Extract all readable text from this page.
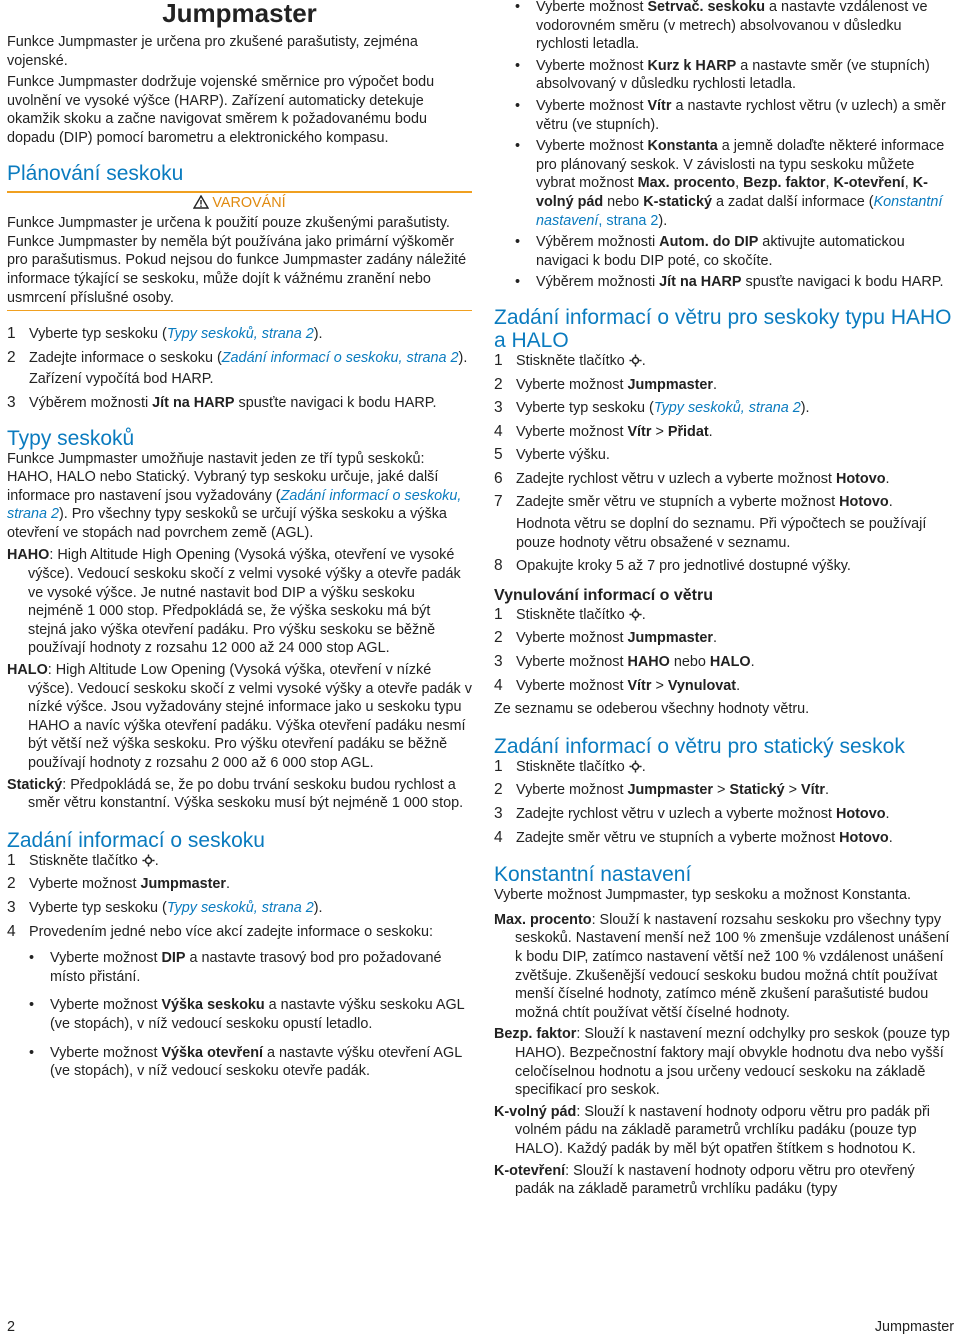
Jumpmaster

Funkce Jumpmaster je určena pro zkušené parašutisty, zejména vojenské.

Funkce Jumpmaster dodržuje vojenské směrnice pro výpočet bodu uvolnění ve vysoké výšce (HARP). Zařízení automaticky detekuje okamžik skoku a začne navigovat směrem k požadovanému bodu dopadu (DIP) pomocí barometru a elektronického kompasu.

Plánování seskoku
VAROVÁNÍ
Funkce Jumpmaster je určena k použití pouze zkušenými parašutisty. Funkce Jumpmaster by neměla být používána jako primární výškoměr pro parašutismus. Pokud nejsou do funkce Jumpmaster zadány náležité informace týkající se seskoku, může dojít k vážnému zranění nebo usmrcení příslušné osoby.
1 Vyberte typ seskoku (Typy seskoků, strana 2).
2 Zadejte informace o seskoku (Zadání informací o seskoku, strana 2).
Zařízení vypočítá bod HARP.
3 Výběrem možnosti Jít na HARP spusťte navigaci k bodu HARP.
Typy seskoků

Funkce Jumpmaster umožňuje nastavit jeden ze tří typů seskoků: HAHO, HALO nebo Statický. Vybraný typ seskoku určuje, jaké další informace pro nastavení jsou vyžadovány (Zadání informací o seskoku, strana 2). Pro všechny typy seskoků se určují výška seskoku a výška otevření ve stopách nad povrchem země (AGL).

HAHO: High Altitude High Opening (Vysoká výška, otevření ve vysoké výšce). Vedoucí seskoku skočí z velmi vysoké výšky a otevře padák ve vysoké výšce. Je nutné nastavit bod DIP a výšku seskoku nejméně 1 000 stop. Předpokládá se, že výška seskoku má být stejná jako výška otevření padáku. Pro výšku seskoku se běžně používají hodnoty z rozsahu 12 000 až 24 000 stop AGL.

HALO: High Altitude Low Opening (Vysoká výška, otevření v nízké výšce). Vedoucí seskoku skočí z velmi vysoké výšky a otevře padák v nízké výšce. Jsou vyžadovány stejné informace jako u seskoku typu HAHO a navíc výška otevření padáku. Výška otevření padáku nesmí být větší než výška seskoku. Pro výšku otevření padáku se běžně používají hodnoty z rozsahu 2 000 až 6 000 stop AGL.

Statický: Předpokládá se, že po dobu trvání seskoku budou rychlost a směr větru konstantní. Výška seskoku musí být nejméně 1 000 stop.

Zadání informací o seskoku
1 Stiskněte tlačítko .
2 Vyberte možnost Jumpmaster.
3 Vyberte typ seskoku (Typy seskoků, strana 2).
4 Provedením jedné nebo více akcí zadejte informace o seskoku:
• Vyberte možnost DIP a nastavte trasový bod pro požadované místo přistání.
• Vyberte možnost Výška seskoku a nastavte výšku seskoku AGL (ve stopách), v níž vedoucí seskoku opustí letadlo.
• Vyberte možnost Výška otevření a nastavte výšku otevření AGL (ve stopách), v níž vedoucí seskoku otevře padák.
• Vyberte možnost Setrvač. seskoku a nastavte vzdálenost ve vodorovném směru (v metrech) absolvovanou v důsledku rychlosti letadla.
• Vyberte možnost Kurz k HARP a nastavte směr (ve stupních) absolvovaný v důsledku rychlosti letadla.
• Vyberte možnost Vítr a nastavte rychlost větru (v uzlech) a směr větru (ve stupních).
• Vyberte možnost Konstanta a jemně dolaďte některé informace pro plánovaný seskok. V závislosti na typu seskoku můžete vybrat možnost Max. procento, Bezp. faktor, K-otevření, K-volný pád nebo K-statický a zadat další informace (Konstantní nastavení, strana 2).
• Výběrem možnosti Autom. do DIP aktivujte automatickou navigaci k bodu DIP poté, co skočíte.
• Výběrem možnosti Jít na HARP spusťte navigaci k bodu HARP.
Zadání informací o větru pro seskoky typu HAHO a HALO
1 Stiskněte tlačítko .
2 Vyberte možnost Jumpmaster.
3 Vyberte typ seskoku (Typy seskoků, strana 2).
4 Vyberte možnost Vítr > Přidat.
5 Vyberte výšku.
6 Zadejte rychlost větru v uzlech a vyberte možnost Hotovo.
7 Zadejte směr větru ve stupních a vyberte možnost Hotovo.
Hodnota větru se doplní do seznamu. Při výpočtech se používají pouze hodnoty větru obsažené v seznamu.
8 Opakujte kroky 5 až 7 pro jednotlivé dostupné výšky.
Vynulování informací o větru
1 Stiskněte tlačítko .
2 Vyberte možnost Jumpmaster.
3 Vyberte možnost HAHO nebo HALO.
4 Vyberte možnost Vítr > Vynulovat.

Ze seznamu se odeberou všechny hodnoty větru.

Zadání informací o větru pro statický seskok
1 Stiskněte tlačítko .
2 Vyberte možnost Jumpmaster > Statický > Vítr.
3 Zadejte rychlost větru v uzlech a vyberte možnost Hotovo.
4 Zadejte směr větru ve stupních a vyberte možnost Hotovo.
Konstantní nastavení

Vyberte možnost Jumpmaster, typ seskoku a možnost Konstanta.

Max. procento: Slouží k nastavení rozsahu seskoku pro všechny typy seskoků. Nastavení menší než 100 % zmenšuje vzdálenost unášení k bodu DIP, zatímco nastavení větší než 100 % vzdálenost unášení zvětšuje. Zkušenější vedoucí seskoku budou možná chtít používat menší číselné hodnoty, zatímco méně zkušení parašutisté budou možná chtít používat větší číselné hodnoty.

Bezp. faktor: Slouží k nastavení mezní odchylky pro seskok (pouze typ HAHO). Bezpečnostní faktory mají obvykle hodnotu dva nebo vyšší celočíselnou hodnotu a jsou určeny vedoucí seskoku na základě specifikací pro seskok.

K-volný pád: Slouží k nastavení hodnoty odporu větru pro padák při volném pádu na základě parametrů vrchlíku padáku (pouze typ HALO). Každý padák by měl být opatřen štítkem s hodnotou K.

K-otevření: Slouží k nastavení hodnoty odporu větru pro otevřený padák na základě parametrů vrchlíku padáku (typy

2	Jumpmaster
